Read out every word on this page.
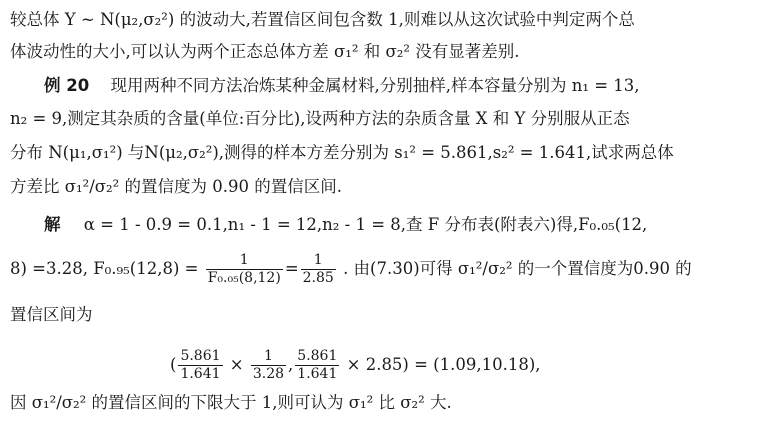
较总体 Y ~ N(μ₂,σ₂²) 的波动大,若置信区间包含数 1,则难以从这次试验中判定两个总
体波动性的大小,可以认为两个正态总体方差 σ₁² 和 σ₂² 没有显著差别.
例 20 现用两种不同方法冶炼某种金属材料,分别抽样,样本容量分别为 n₁ = 13,
n₂ = 9,测定其杂质的含量(单位:百分比),设两种方法的杂质含量 X 和 Y 分别服从正态
分布 N(μ₁,σ₁²) 与N(μ₂,σ₂²),测得的样本方差分别为 s₁² = 5.861,s₂² = 1.641,试求两总体
方差比 σ₁²/σ₂² 的置信度为 0.90 的置信区间.
解 α = 1 - 0.9 = 0.1,n₁ - 1 = 12,n₂ - 1 = 8,查 F 分布表(附表六)得,F₀.₀₅(12,
8) =3.28, $F_0._{95}(12,8) = \frac{1}{\text{F₀.₀₅(8,12)}} = \frac{1}{2.85}$ . 由(7.30)可得 σ₁²/σ₂² 的一个置信度为0.90 的
置信区间为
( $\frac{5.861}{1.641} \times \frac{1}{3.28}$ , $\frac{5.861}{1.641} \times 2.85) = (1.09,10.18)$,
因 σ₁²/σ₂² 的置信区间的下限大于 1,则可认为 σ₁² 比 σ₂² 大.
